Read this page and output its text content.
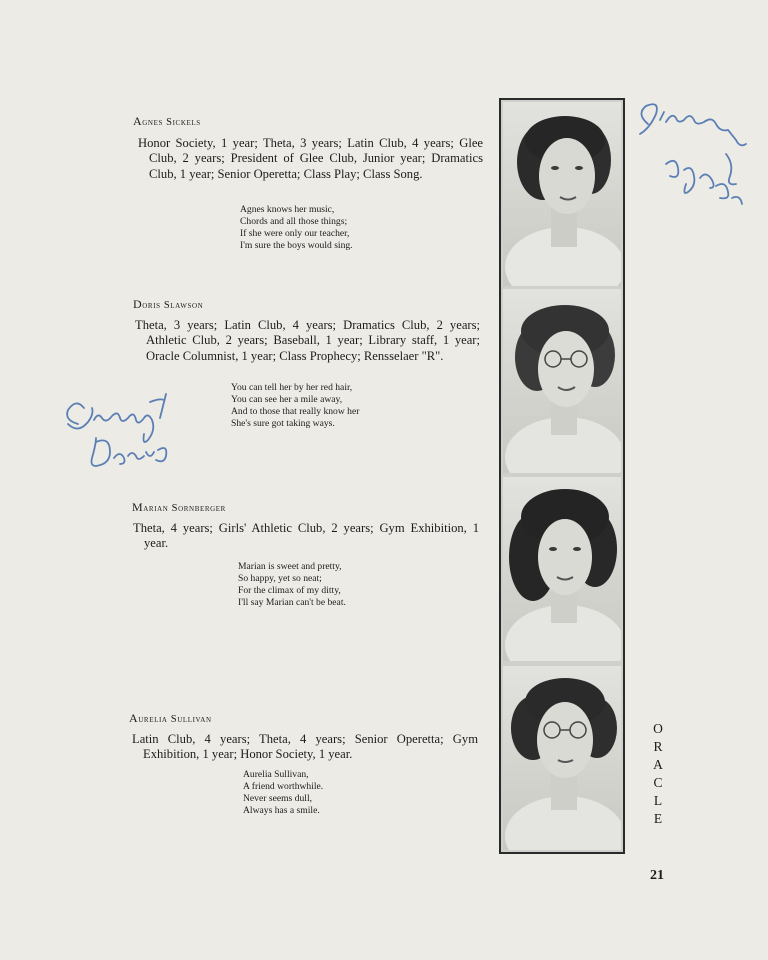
Agnes Sickels
Honor Society, 1 year; Theta, 3 years; Latin Club, 4 years; Glee Club, 2 years; President of Glee Club, Junior year; Dramatics Club, 1 year; Senior Operetta; Class Play; Class Song.
Agnes knows her music,
Chords and all those things;
If she were only our teacher,
I'm sure the boys would sing.
Doris Slawson
Theta, 3 years; Latin Club, 4 years; Dramatics Club, 2 years; Athletic Club, 2 years; Baseball, 1 year; Library staff, 1 year; Oracle Columnist, 1 year; Class Prophecy; Rensselaer "R".
You can tell her by her red hair,
You can see her a mile away,
And to those that really know her
She's sure got taking ways.
Marian Sornberger
Theta, 4 years; Girls' Athletic Club, 2 years; Gym Exhibition, 1 year.
Marian is sweet and pretty,
So happy, yet so neat;
For the climax of my ditty,
I'll say Marian can't be beat.
Aurelia Sullivan
Latin Club, 4 years; Theta, 4 years; Senior Operetta; Gym Exhibition, 1 year; Honor Society, 1 year.
Aurelia Sullivan,
A friend worthwhile.
Never seems dull,
Always has a smile.
O
R
A
C
L
E
21
